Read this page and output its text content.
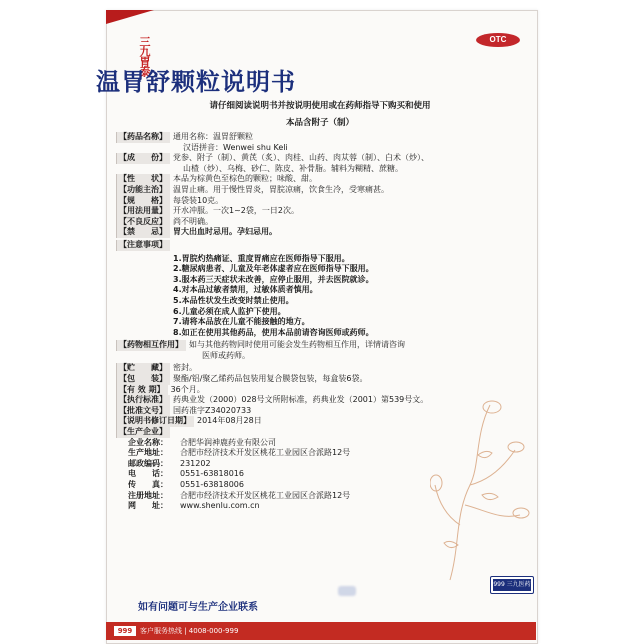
三九胃泰
温胃舒颗粒说明书
OTC
请仔细阅读说明书并按说明使用或在药师指导下购买和使用
本品含附子（制）
【药品名称】 通用名称：温胃舒颗粒
汉语拼音：Wenwei shu Keli
【成　　份】 党参、附子（制）、黄芪（炙）、肉桂、山药、肉苁蓉（制）、白术（炒）、
山楂（炒）、乌梅、砂仁、陈皮、补骨脂。辅料为糊精、蔗糖。
【性　　状】 本品为棕黄色至棕色的颗粒；味酸、甜。
【功能主治】 温胃止痛。用于慢性胃炎，胃脘凉痛，饮食生冷，受寒痛甚。
【规　　格】 每袋装10克。
【用法用量】 开水冲服。一次1~2袋，一日2次。
【不良反应】 尚不明确。
【禁　　忌】 胃大出血时忌用。孕妇忌用。
【注意事项】
1.胃脘灼热痛证、重度胃痛应在医师指导下服用。
2.糖尿病患者、儿童及年老体虚者应在医师指导下服用。
3.服本药三天症状未改善，应停止服用，并去医院就诊。
4.对本品过敏者禁用，过敏体质者慎用。
5.本品性状发生改变时禁止使用。
6.儿童必须在成人监护下使用。
7.请将本品放在儿童不能接触的地方。
8.如正在使用其他药品，使用本品前请咨询医师或药师。
【药物相互作用】 如与其他药物同时使用可能会发生药物相互作用，详情请咨询
医师或药师。
【贮　　藏】 密封。
【包　　装】 聚酯/铝/聚乙烯药品包装用复合膜袋包装，每盒装6袋。
【有 效 期】 36个月。
【执行标准】 药典业发（2000）028号文所附标准，药典业发（2001）第539号文。
【批准文号】 国药准字Z34020733
【说明书修订日期】 2014年08月28日
【生产企业】
企业名称：	合肥华润神鹿药业有限公司
生产地址：	合肥市经济技术开发区桃花工业园区合派路12号
邮政编码：	231202
电　　话：	0551-63818016
传　　真：	0551-63818006
注册地址：	合肥市经济技术开发区桃花工业园区合派路12号
网　　址：	www.shenlu.com.cn
999 三九医药
如有问题可与生产企业联系
999	客户服务热线 | 4008-000-999
